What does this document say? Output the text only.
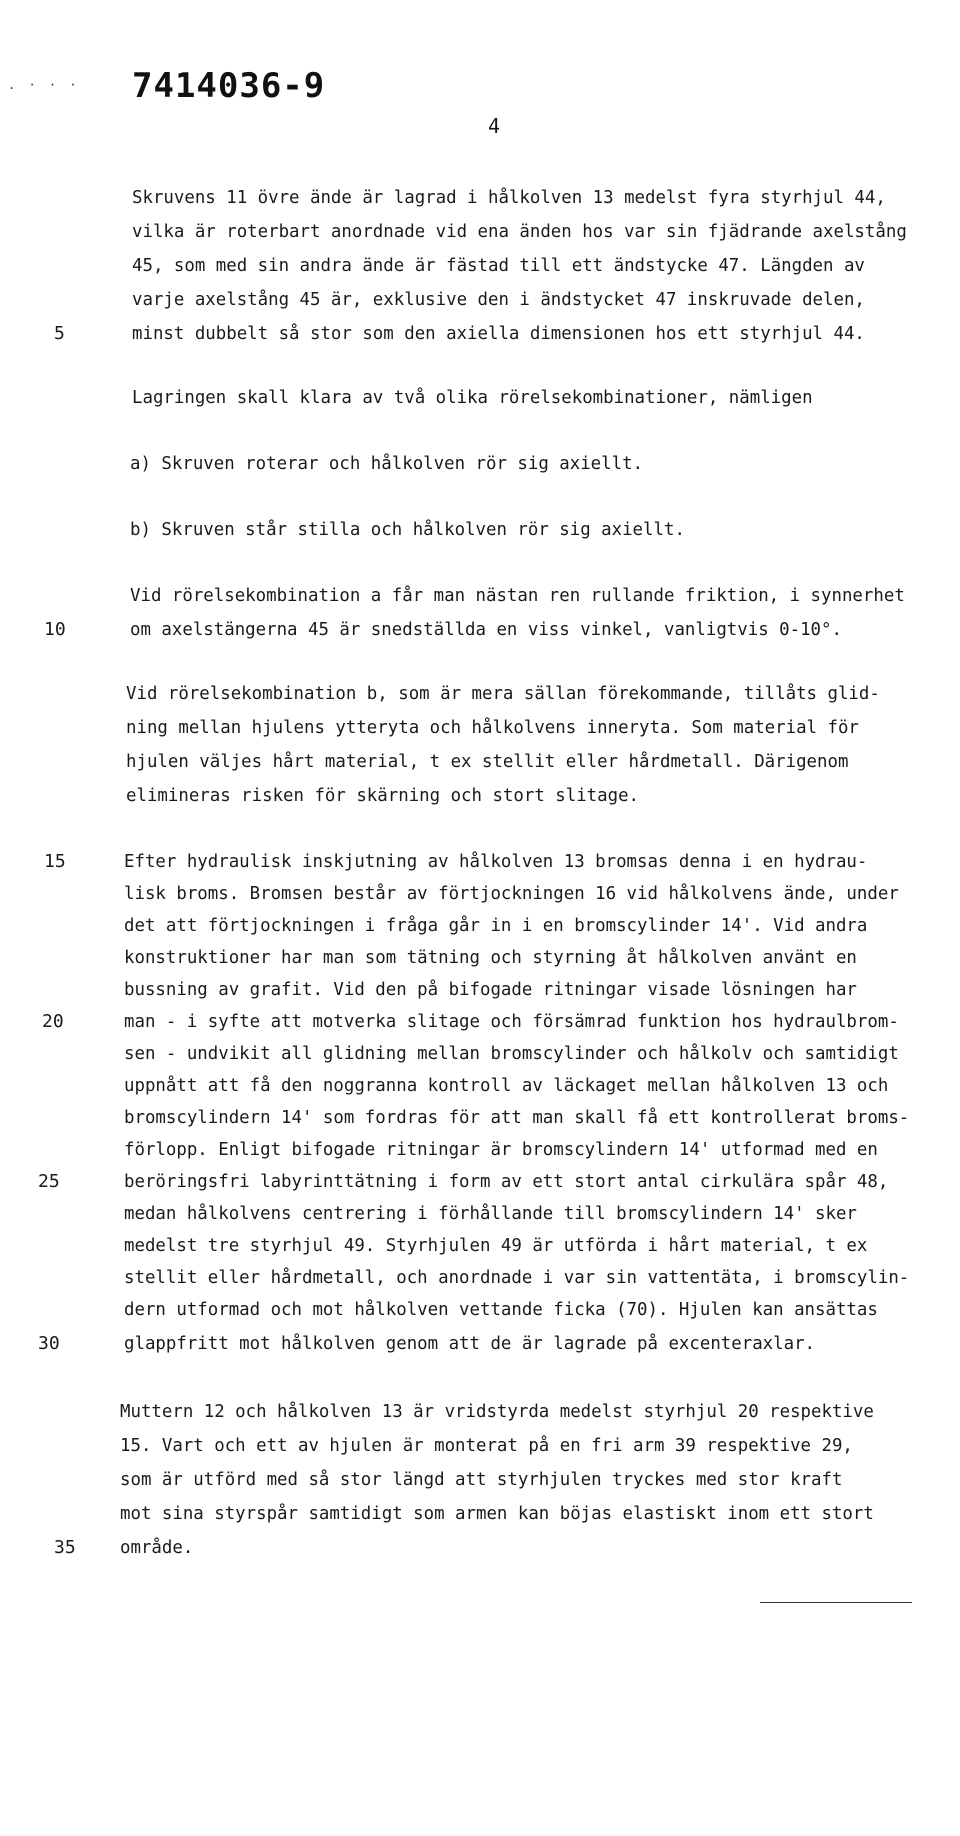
. · · · 7414036-9
4
Skruvens 11 övre ände är lagrad i hålkolven 13 medelst fyra styrhjul 44,
vilka är roterbart anordnade vid ena änden hos var sin fjädrande axelstång
45, som med sin andra ände är fästad till ett ändstycke 47. Längden av
varje axelstång 45 är, exklusive den i ändstycket 47 inskruvade delen,
minst dubbelt så stor som den axiella dimensionen hos ett styrhjul 44.
Lagringen skall klara av två olika rörelsekombinationer, nämligen
a) Skruven roterar och hålkolven rör sig axiellt.
b) Skruven står stilla och hålkolven rör sig axiellt.
Vid rörelsekombination a får man nästan ren rullande friktion, i synnerhet
om axelstängerna 45 är snedställda en viss vinkel, vanligtvis 0-10°.
Vid rörelsekombination b, som är mera sällan förekommande, tillåts glid-
ning mellan hjulens ytteryta och hålkolvens inneryta. Som material för
hjulen väljes hårt material, t ex stellit eller hårdmetall. Därigenom
elimineras risken för skärning och stort slitage.
Efter hydraulisk inskjutning av hålkolven 13 bromsas denna i en hydrau-
lisk broms. Bromsen består av förtjockningen 16 vid hålkolvens ände, under
det att förtjockningen i fråga går in i en bromscylinder 14'. Vid andra
konstruktioner har man som tätning och styrning åt hålkolven använt en
bussning av grafit. Vid den på bifogade ritningar visade lösningen har
man - i syfte att motverka slitage och försämrad funktion hos hydraulbrom-
sen - undvikit all glidning mellan bromscylinder och hålkolv och samtidigt
uppnått att få den noggranna kontroll av läckaget mellan hålkolven 13 och
bromscylindern 14' som fordras för att man skall få ett kontrollerat broms-
förlopp. Enligt bifogade ritningar är bromscylindern 14' utformad med en
beröringsfri labyrinttätning i form av ett stort antal cirkulära spår 48,
medan hålkolvens centrering i förhållande till bromscylindern 14' sker
medelst tre styrhjul 49. Styrhjulen 49 är utförda i hårt material, t ex
stellit eller hårdmetall, och anordnade i var sin vattentäta, i bromscylin-
dern utformad och mot hålkolven vettande ficka (70). Hjulen kan ansättas
glappfritt mot hålkolven genom att de är lagrade på excenteraxlar.
Muttern 12 och hålkolven 13 är vridstyrda medelst styrhjul 20 respektive
15. Vart och ett av hjulen är monterat på en fri arm 39 respektive 29,
som är utförd med så stor längd att styrhjulen tryckes med stor kraft
mot sina styrspår samtidigt som armen kan böjas elastiskt inom ett stort
område.
5
10
15
20
25
30
35
